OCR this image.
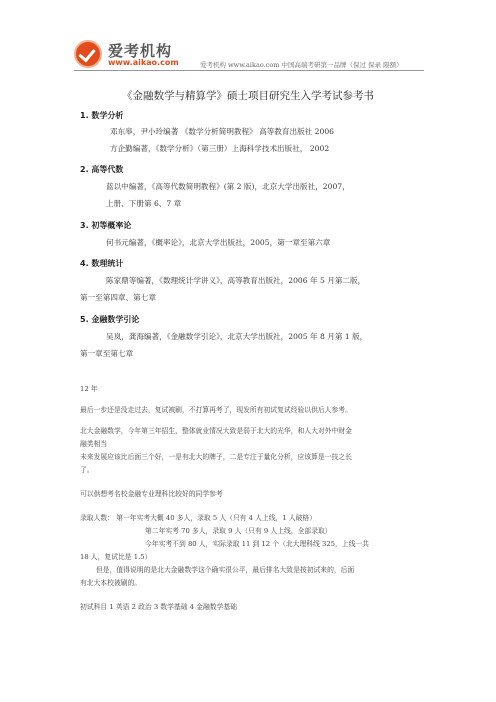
爱考机构
www.aikao.com	爱考机构 www.aikao.com 中国高端考研第一品牌（保过 保录 限额）
《金融数学与精算学》硕士项目研究生入学考试参考书
1. 数学分析
邓东皋，尹小玲编著 《数学分析简明教程》 高等教育出版社 2006
方企勤编著，《数学分析》（第三册）上海科学技术出版社， 2002
2. 高等代数
蓝以中编著，《高等代数简明教程》(第 2 版)，北京大学出版社，2007，
上册、下册第 6、7 章
3. 初等概率论
何书元编著，《概率论》，北京大学出版社，2005，第一章至第六章
4. 数理统计
陈家鼎等编著，《数理统计学讲义》，高等教育出版社，2006 年 5 月第二版，
第一至第四章、第七章
5. 金融数学引论
吴岚，龚海编著，《金融数学引论》，北京大学出版社，2005 年 8 月第 1 版，
第一章至第七章
12 年
最后一步还是没走过去，复试被刷，不打算再考了，现发所有初试复试经验以供后人参考。
北大金融数学，今年第三年招生，整体就业情况大致是弱于北大的光华，和人大对外中财金
融类相当
未来发展应该比后面三个好，一是有北大的牌子，二是专注于量化分析，应该算是一技之长
了。
可以供想考名校金融专业理科比较好的同学参考
录取人数： 第一年实考大概 40 多人，录取 5 人（只有 4 人上线，1 人破格）
第二年实考 70 多人，录取 9 人（只有 9 人上线，全部录取）
今年实考不到 80 人，实际录取 11 到 12 个（北大理科线 325，上线一共
18 人，复试比是 1.5）
但是，值得说明的是北大金融数学这个确实很公平，最后排名大致是按初试来的，后面
有北大本校被刷的。
初试科目 1 英语 2 政治 3 数学基础 4 金融数学基础
